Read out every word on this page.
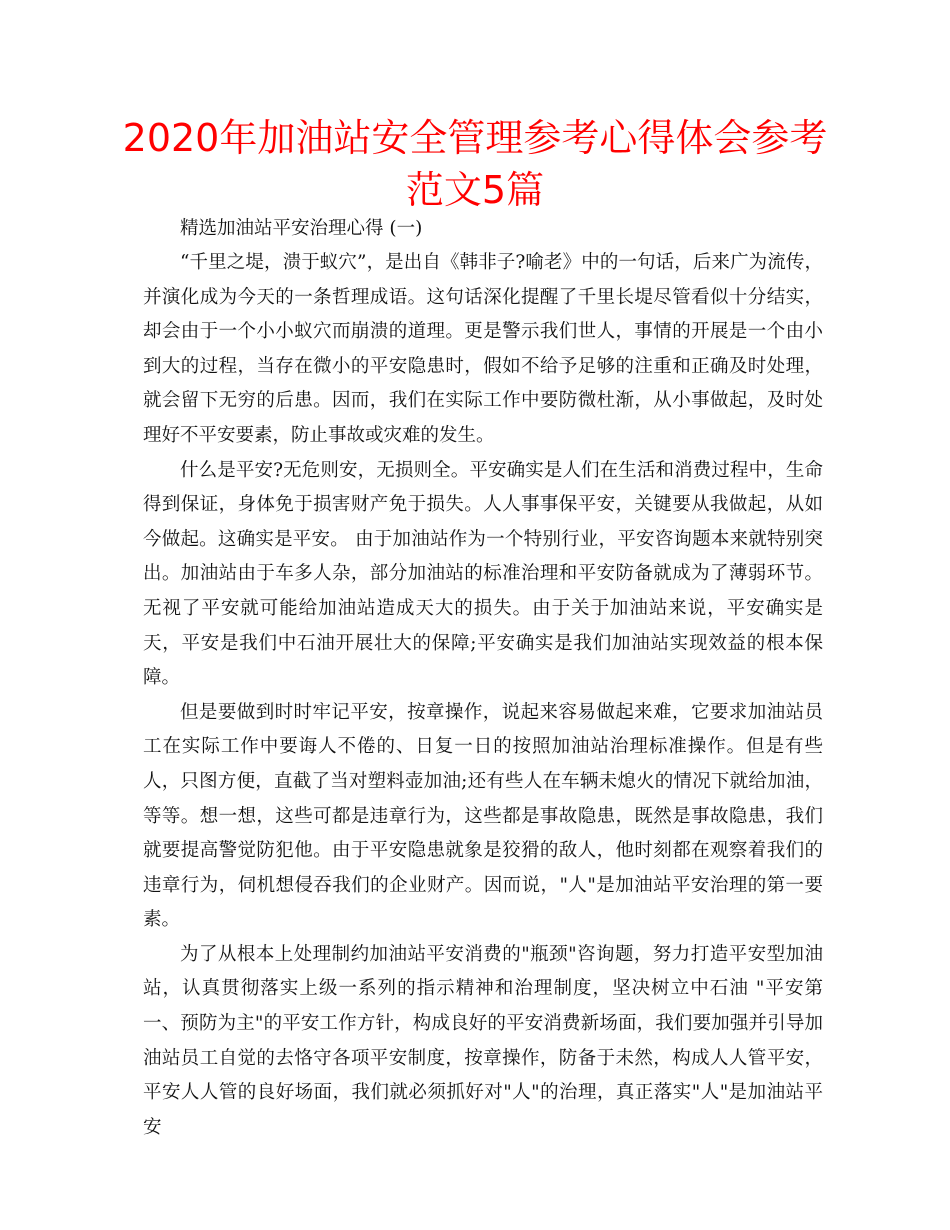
2020年加油站安全管理参考心得体会参考
范文5篇

精选加油站平安治理心得 (一)

“千里之堤，溃于蚁穴”，是出自《韩非子?喻老》中的一句话，后来广为流传，并演化成为今天的一条哲理成语。这句话深化提醒了千里长堤尽管看似十分结实，却会由于一个小小蚁穴而崩溃的道理。更是警示我们世人，事情的开展是一个由小到大的过程，当存在微小的平安隐患时，假如不给予足够的注重和正确及时处理，就会留下无穷的后患。因而，我们在实际工作中要防微杜渐，从小事做起，及时处理好不平安要素，防止事故或灾难的发生。

什么是平安?无危则安，无损则全。平安确实是人们在生活和消费过程中，生命得到保证，身体免于损害财产免于损失。人人事事保平安，关键要从我做起，从如今做起。这确实是平安。 由于加油站作为一个特别行业，平安咨询题本来就特别突出。加油站由于车多人杂，部分加油站的标准治理和平安防备就成为了薄弱环节。无视了平安就可能给加油站造成天大的损失。由于关于加油站来说，平安确实是天，平安是我们中石油开展壮大的保障;平安确实是我们加油站实现效益的根本保障。

但是要做到时时牢记平安，按章操作，说起来容易做起来难，它要求加油站员工在实际工作中要诲人不倦的、日复一日的按照加油站治理标准操作。但是有些人，只图方便，直截了当对塑料壶加油;还有些人在车辆未熄火的情况下就给加油，等等。想一想，这些可都是违章行为，这些都是事故隐患，既然是事故隐患，我们就要提高警觉防犯他。由于平安隐患就象是狡猾的敌人，他时刻都在观察着我们的违章行为，伺机想侵吞我们的企业财产。因而说，"人"是加油站平安治理的第一要素。

为了从根本上处理制约加油站平安消费的"瓶颈"咨询题，努力打造平安型加油站，认真贯彻落实上级一系列的指示精神和治理制度，坚决树立中石油 "平安第一、预防为主"的平安工作方针，构成良好的平安消费新场面，我们要加强并引导加油站员工自觉的去恪守各项平安制度，按章操作，防备于未然，构成人人管平安，平安人人管的良好场面，我们就必须抓好对"人"的治理，真正落实"人"是加油站平安
